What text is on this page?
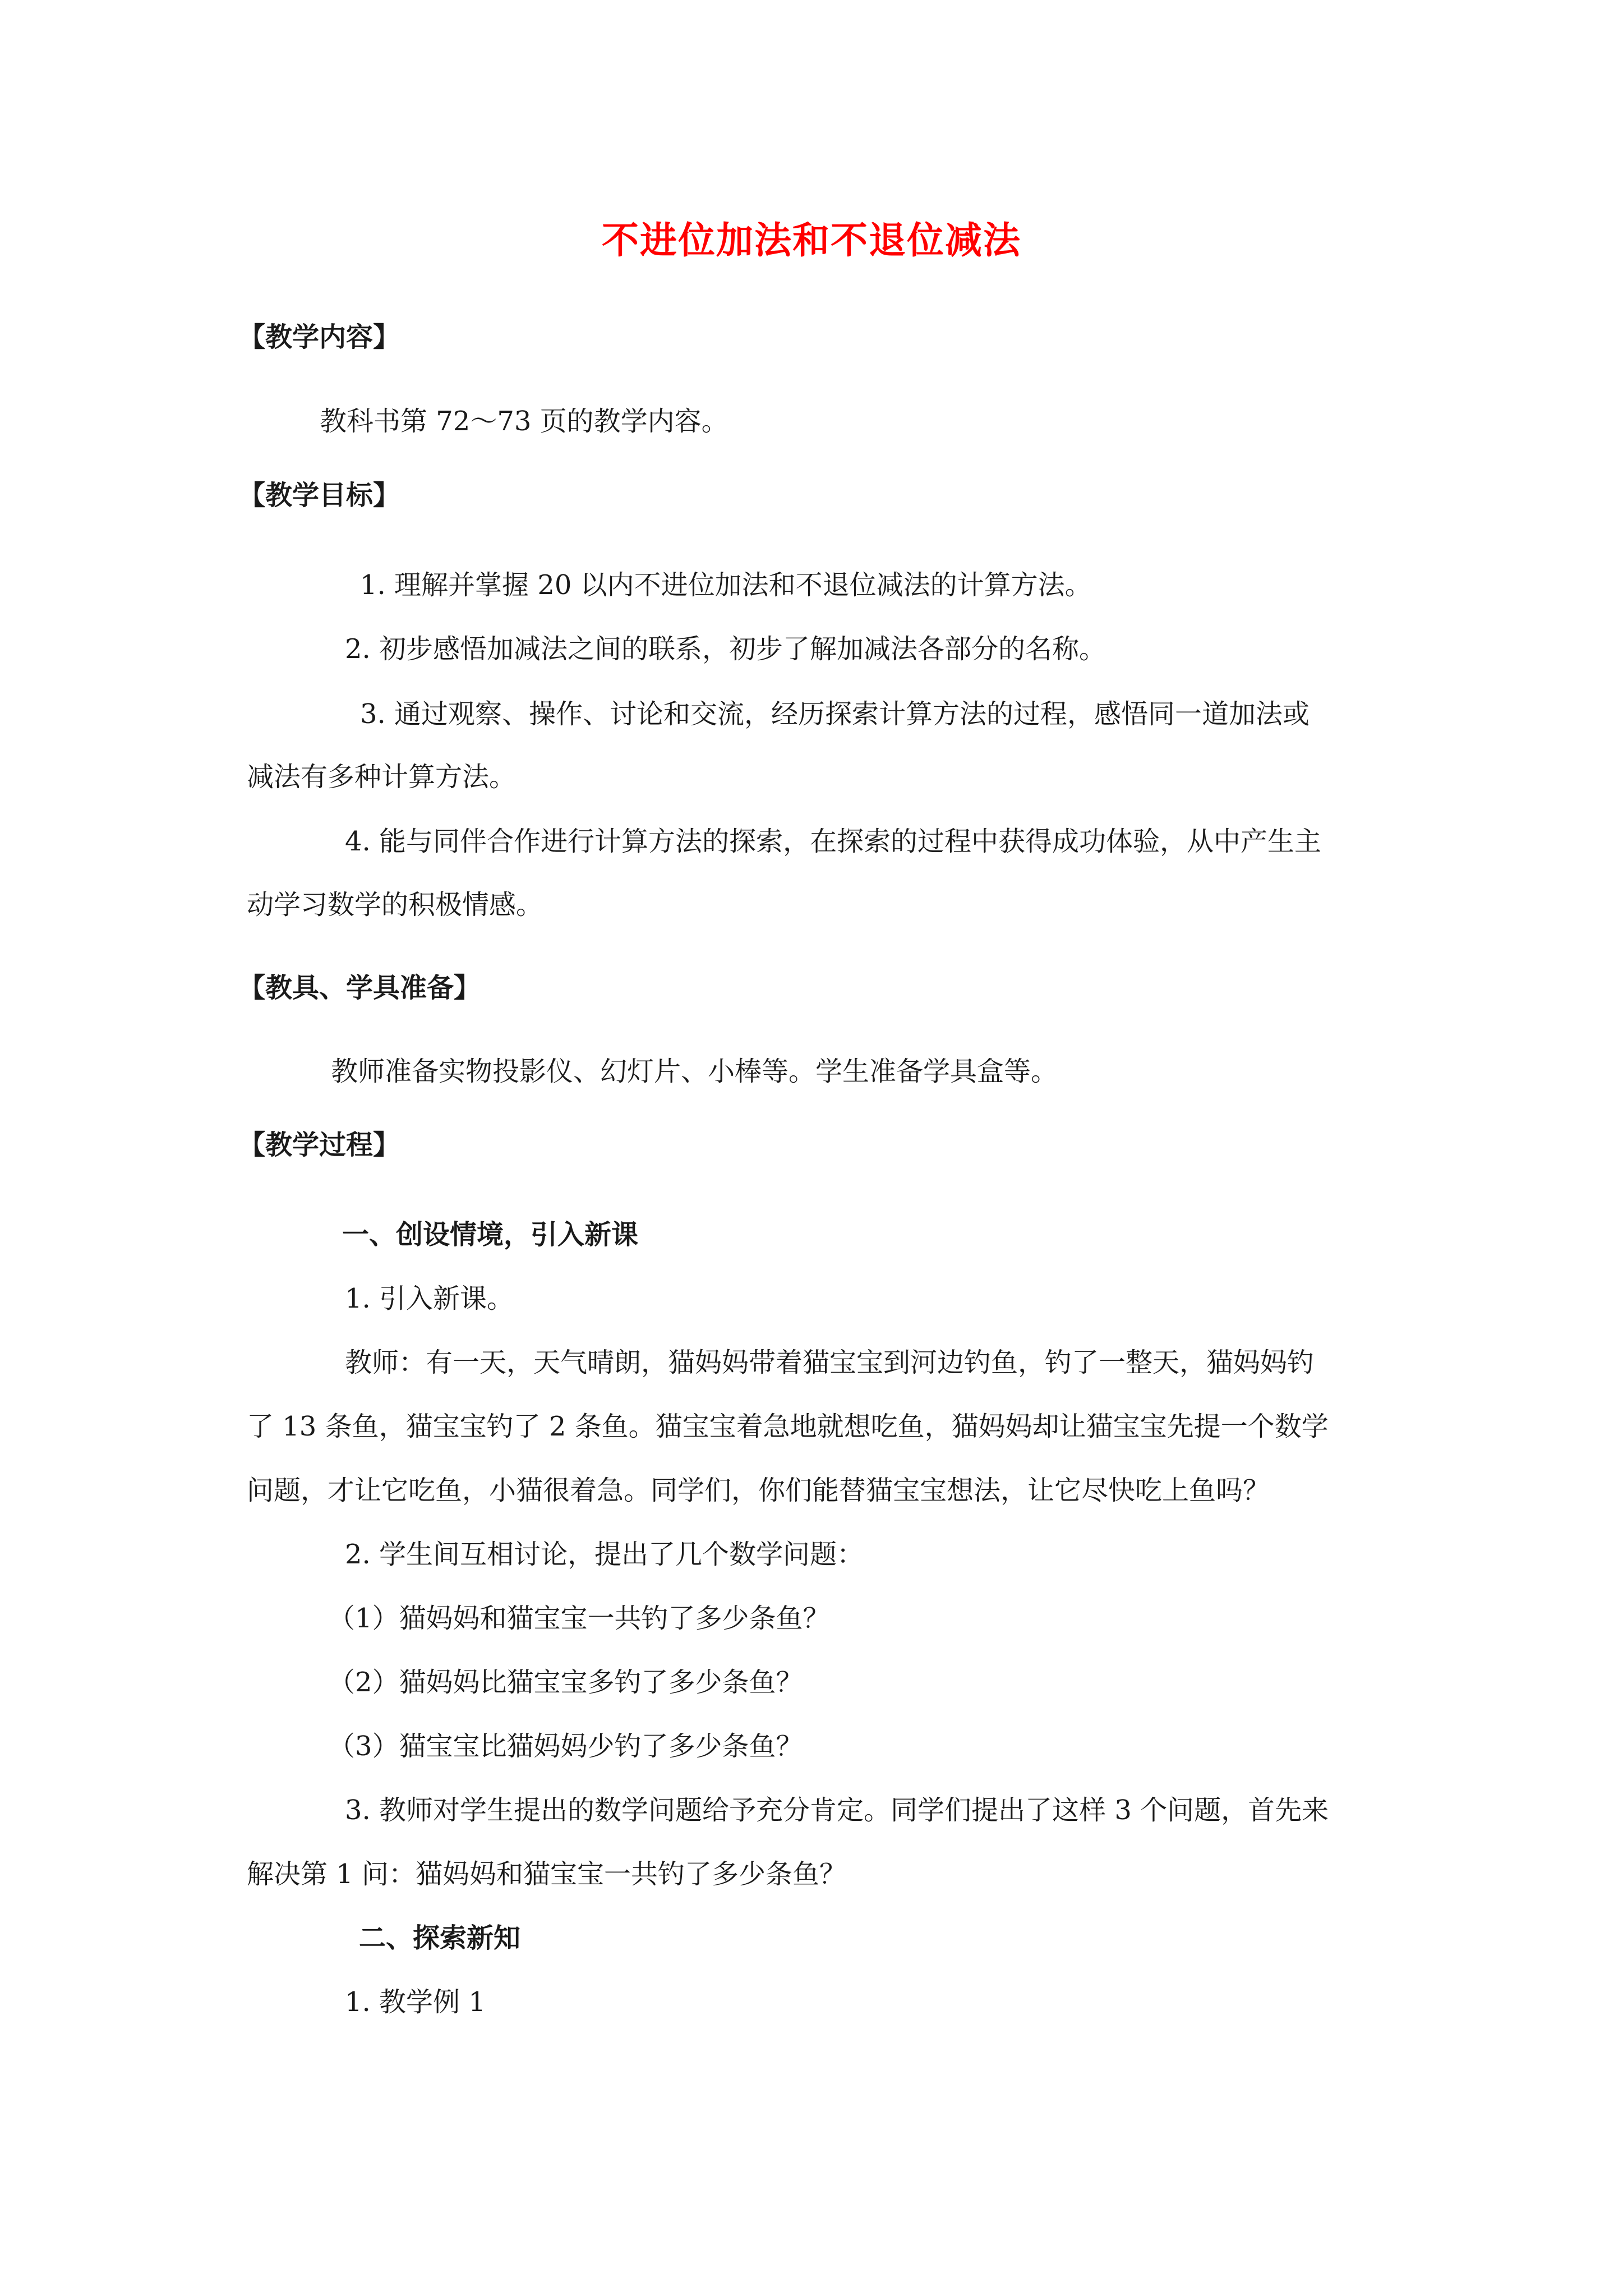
不进位加法和不退位减法
【教学内容】
教科书第 72～73 页的教学内容。
【教学目标】
1. 理解并掌握 20 以内不进位加法和不退位减法的计算方法。
2. 初步感悟加减法之间的联系，初步了解加减法各部分的名称。
3. 通过观察、操作、讨论和交流，经历探索计算方法的过程，感悟同一道加法或
减法有多种计算方法。
4. 能与同伴合作进行计算方法的探索，在探索的过程中获得成功体验，从中产生主
动学习数学的积极情感。
【教具、学具准备】
教师准备实物投影仪、幻灯片、小棒等。学生准备学具盒等。
【教学过程】
一、创设情境，引入新课
1. 引入新课。
教师：有一天，天气晴朗，猫妈妈带着猫宝宝到河边钓鱼，钓了一整天，猫妈妈钓
了 13 条鱼，猫宝宝钓了 2 条鱼。猫宝宝着急地就想吃鱼，猫妈妈却让猫宝宝先提一个数学
问题，才让它吃鱼，小猫很着急。同学们，你们能替猫宝宝想法，让它尽快吃上鱼吗？
2. 学生间互相讨论，提出了几个数学问题：
（1）猫妈妈和猫宝宝一共钓了多少条鱼？
（2）猫妈妈比猫宝宝多钓了多少条鱼？
（3）猫宝宝比猫妈妈少钓了多少条鱼？
3. 教师对学生提出的数学问题给予充分肯定。同学们提出了这样 3 个问题，首先来
解决第 1 问：猫妈妈和猫宝宝一共钓了多少条鱼？
二、探索新知
1. 教学例 1
